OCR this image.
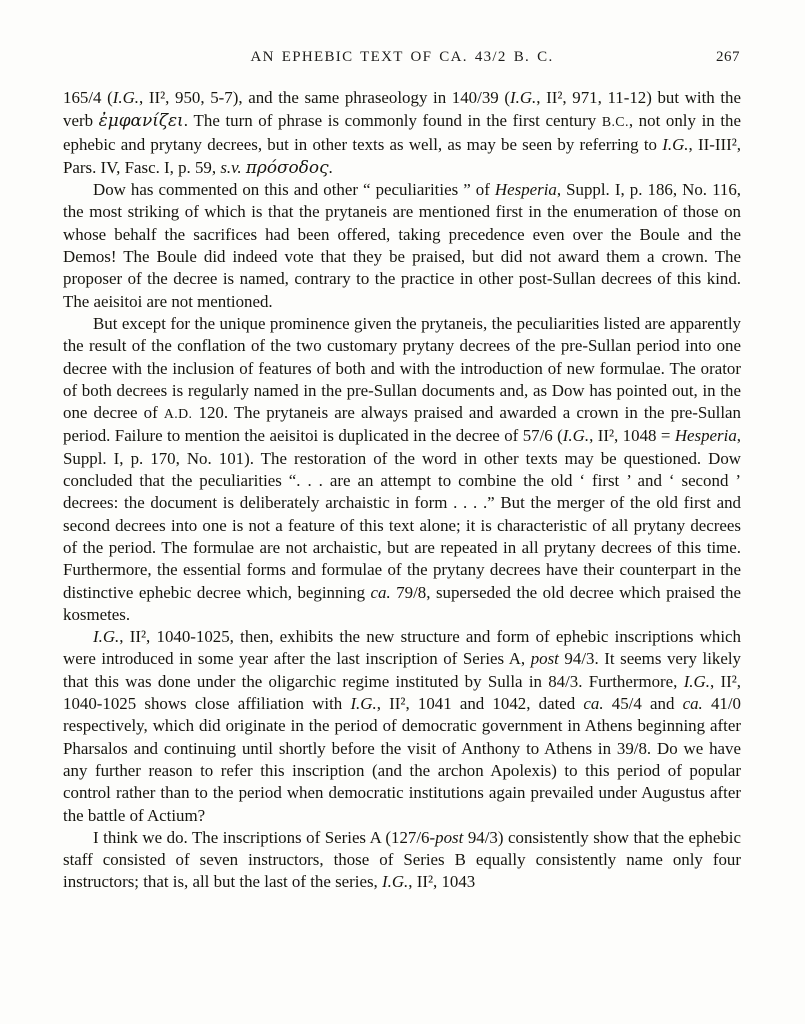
AN EPHEBIC TEXT OF CA. 43/2 B. C.	267

165/4 (I.G., II², 950, 5-7), and the same phraseology in 140/39 (I.G., II², 971, 11-12) but with the verb ἐμφανίζει. The turn of phrase is commonly found in the first century B.C., not only in the ephebic and prytany decrees, but in other texts as well, as may be seen by referring to I.G., II-III², Pars. IV, Fasc. I, p. 59, s.v. πρόσοδος.

Dow has commented on this and other “ peculiarities ” of Hesperia, Suppl. I, p. 186, No. 116, the most striking of which is that the prytaneis are mentioned first in the enumeration of those on whose behalf the sacrifices had been offered, taking precedence even over the Boule and the Demos! The Boule did indeed vote that they be praised, but did not award them a crown. The proposer of the decree is named, contrary to the practice in other post-Sullan decrees of this kind. The aeisitoi are not mentioned.

But except for the unique prominence given the prytaneis, the peculiarities listed are apparently the result of the conflation of the two customary prytany decrees of the pre-Sullan period into one decree with the inclusion of features of both and with the introduction of new formulae. The orator of both decrees is regularly named in the pre-Sullan documents and, as Dow has pointed out, in the one decree of A.D. 120. The prytaneis are always praised and awarded a crown in the pre-Sullan period. Failure to mention the aeisitoi is duplicated in the decree of 57/6 (I.G., II², 1048 = Hesperia, Suppl. I, p. 170, No. 101). The restoration of the word in other texts may be questioned. Dow concluded that the peculiarities “. . . are an attempt to combine the old ‘ first ’ and ‘ second ’ decrees: the document is deliberately archaistic in form . . . .” But the merger of the old first and second decrees into one is not a feature of this text alone; it is characteristic of all prytany decrees of the period. The formulae are not archaistic, but are repeated in all prytany decrees of this time. Furthermore, the essential forms and formulae of the prytany decrees have their counterpart in the distinctive ephebic decree which, beginning ca. 79/8, superseded the old decree which praised the kosmetes.

I.G., II², 1040-1025, then, exhibits the new structure and form of ephebic inscriptions which were introduced in some year after the last inscription of Series A, post 94/3. It seems very likely that this was done under the oligarchic regime instituted by Sulla in 84/3. Furthermore, I.G., II², 1040-1025 shows close affiliation with I.G., II², 1041 and 1042, dated ca. 45/4 and ca. 41/0 respectively, which did originate in the period of democratic government in Athens beginning after Pharsalos and continuing until shortly before the visit of Anthony to Athens in 39/8. Do we have any further reason to refer this inscription (and the archon Apolexis) to this period of popular control rather than to the period when democratic institutions again prevailed under Augustus after the battle of Actium?

I think we do. The inscriptions of Series A (127/6-post 94/3) consistently show that the ephebic staff consisted of seven instructors, those of Series B equally consistently name only four instructors; that is, all but the last of the series, I.G., II², 1043
